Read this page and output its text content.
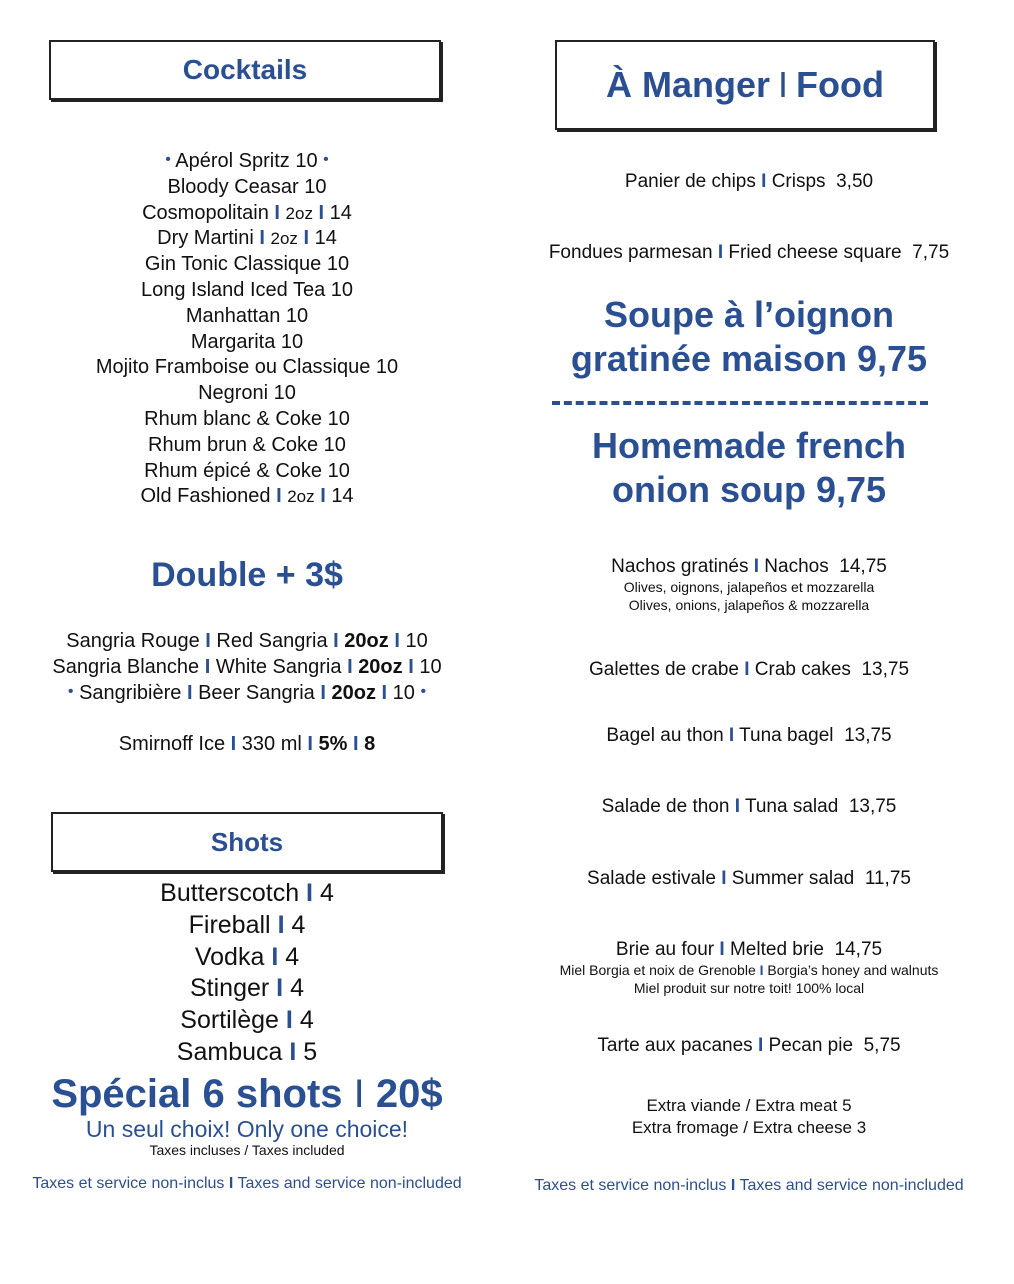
Cocktails
• Apérol Spritz 10 •
Bloody Ceasar 10
Cosmopolitain I 2oz I 14
Dry Martini I 2oz I 14
Gin Tonic Classique 10
Long Island Iced Tea 10
Manhattan 10
Margarita 10
Mojito Framboise ou Classique 10
Negroni 10
Rhum blanc & Coke 10
Rhum brun & Coke 10
Rhum épicé & Coke 10
Old Fashioned I 2oz I 14
Double + 3$
Sangria Rouge I Red Sangria I 20oz I 10
Sangria Blanche I White Sangria I 20oz I 10
• Sangribière I Beer Sangria I 20oz I 10 •
Smirnoff Ice I 330 ml I 5% I 8
Shots
Butterscotch I 4
Fireball I 4
Vodka I 4
Stinger I 4
Sortilège I 4
Sambuca I 5
Spécial 6 shots I 20$
Un seul choix! Only one choice!
Taxes incluses / Taxes included
Taxes et service non-inclus I Taxes and service non-included
À Manger I Food
Panier de chips I Crisps 3,50
Fondues parmesan I Fried cheese square 7,75
Soupe à l’oignon
gratinée maison 9,75
Homemade french
onion soup 9,75
Nachos gratinés I Nachos 14,75
Olives, oignons, jalapeños et mozzarella
Olives, onions, jalapeños & mozzarella
Galettes de crabe I Crab cakes 13,75
Bagel au thon I Tuna bagel 13,75
Salade de thon I Tuna salad 13,75
Salade estivale I Summer salad 11,75
Brie au four I Melted brie 14,75
Miel Borgia et noix de Grenoble I Borgia’s honey and walnuts
Miel produit sur notre toit! 100% local
Tarte aux pacanes I Pecan pie 5,75
Extra viande / Extra meat 5
Extra fromage / Extra cheese 3
Taxes et service non-inclus I Taxes and service non-included
